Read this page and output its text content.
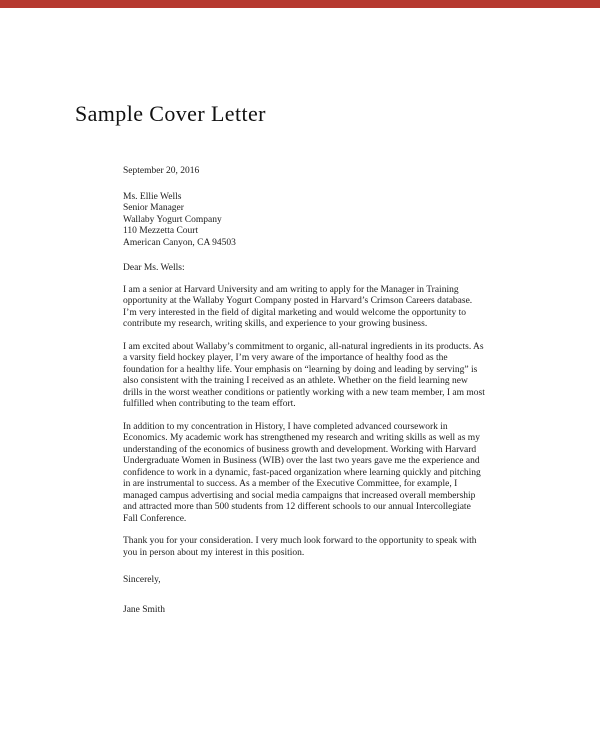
Sample Cover Letter
September 20, 2016
Ms. Ellie Wells
Senior Manager
Wallaby Yogurt Company
110 Mezzetta Court
American Canyon, CA 94503
Dear Ms. Wells:
I am a senior at Harvard University and am writing to apply for the Manager in Training opportunity at the Wallaby Yogurt Company posted in Harvard’s Crimson Careers database. I’m very interested in the field of digital marketing and would welcome the opportunity to contribute my research, writing skills, and experience to your growing business.
I am excited about Wallaby’s commitment to organic, all-natural ingredients in its products. As a varsity field hockey player, I’m very aware of the importance of healthy food as the foundation for a healthy life. Your emphasis on “learning by doing and leading by serving” is also consistent with the training I received as an athlete. Whether on the field learning new drills in the worst weather conditions or patiently working with a new team member, I am most fulfilled when contributing to the team effort.
In addition to my concentration in History, I have completed advanced coursework in Economics. My academic work has strengthened my research and writing skills as well as my understanding of the economics of business growth and development. Working with Harvard Undergraduate Women in Business (WIB) over the last two years gave me the experience and confidence to work in a dynamic, fast-paced organization where learning quickly and pitching in are instrumental to success. As a member of the Executive Committee, for example, I managed campus advertising and social media campaigns that increased overall membership and attracted more than 500 students from 12 different schools to our annual Intercollegiate Fall Conference.
Thank you for your consideration. I very much look forward to the opportunity to speak with you in person about my interest in this position.
Sincerely,
Jane Smith
